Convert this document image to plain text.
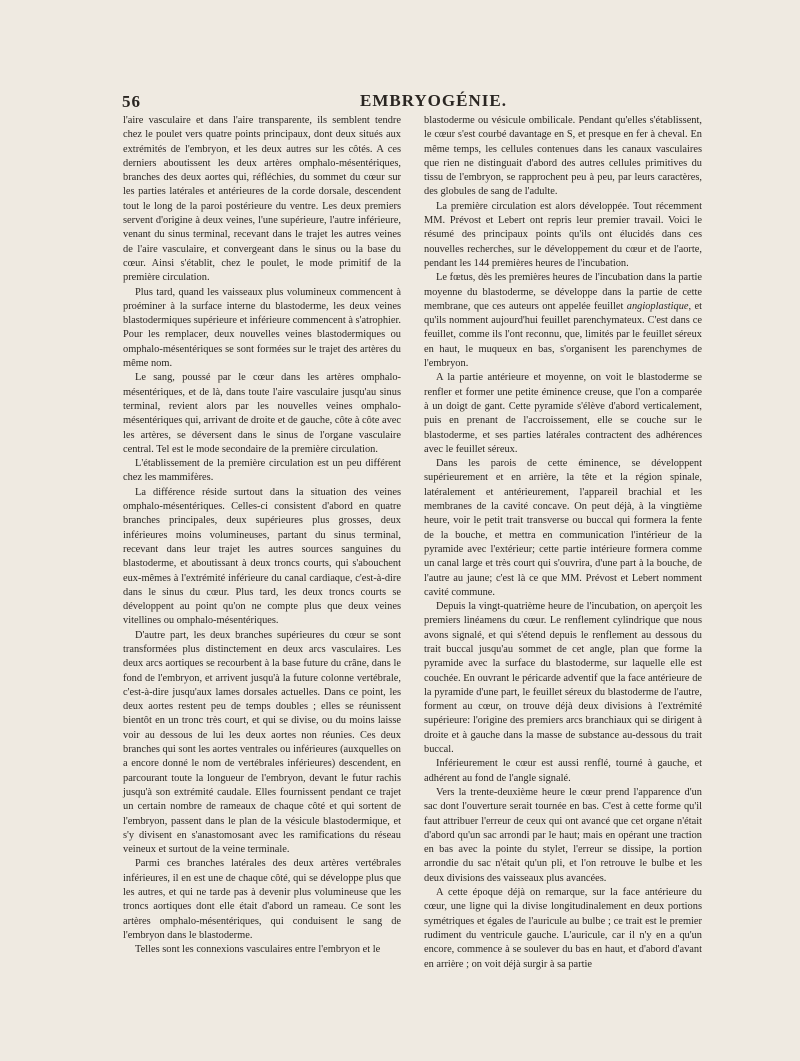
56	EMBRYOGÉNIE.

l'aire vasculaire et dans l'aire transparente, ils semblent tendre chez le poulet vers quatre points principaux, dont deux situés aux extrémités de l'embryon, et les deux autres sur les côtés. A ces derniers aboutissent les deux artères omphalo-mésentériques, branches des deux aortes qui, réfléchies, du sommet du cœur sur les parties latérales et antérieures de la corde dorsale, descendent tout le long de la paroi postérieure du ventre. Les deux premiers servent d'origine à deux veines, l'une supérieure, l'autre inférieure, venant du sinus terminal, recevant dans le trajet les autres veines de l'aire vasculaire, et convergeant dans le sinus ou la base du cœur. Ainsi s'établit, chez le poulet, le mode primitif de la première circulation.

Plus tard, quand les vaisseaux plus volumineux commencent à proéminer à la surface interne du blastoderme, les deux veines blastodermiques supérieure et inférieure commencent à s'atrophier. Pour les remplacer, deux nouvelles veines blastodermiques ou omphalo-mésentériques se sont formées sur le trajet des artères du même nom.

Le sang, poussé par le cœur dans les artères omphalo-mésentériques, et de là, dans toute l'aire vasculaire jusqu'au sinus terminal, revient alors par les nouvelles veines omphalo-mésentériques qui, arrivant de droite et de gauche, côte à côte avec les artères, se déversent dans le sinus de l'organe vasculaire central. Tel est le mode secondaire de la première circulation.

L'établissement de la première circulation est un peu différent chez les mammifères.

La différence réside surtout dans la situation des veines omphalo-mésentériques. Celles-ci consistent d'abord en quatre branches principales, deux supérieures plus grosses, deux inférieures moins volumineuses, partant du sinus terminal, recevant dans leur trajet les autres sources sanguines du blastoderme, et aboutissant à deux troncs courts, qui s'abouchent eux-mêmes à l'extrémité inférieure du canal cardiaque, c'est-à-dire dans le sinus du cœur. Plus tard, les deux troncs courts se développent au point qu'on ne compte plus que deux veines vitellines ou omphalo-mésentériques.

D'autre part, les deux branches supérieures du cœur se sont transformées plus distinctement en deux arcs vasculaires. Les deux arcs aortiques se recourbent à la base future du crâne, dans le fond de l'embryon, et arrivent jusqu'à la future colonne vertébrale, c'est-à-dire jusqu'aux lames dorsales actuelles. Dans ce point, les deux aortes restent peu de temps doubles ; elles se réunissent bientôt en un tronc très court, et qui se divise, ou du moins laisse voir au dessous de lui les deux aortes non réunies. Ces deux branches qui sont les aortes ventrales ou inférieures (auxquelles on a encore donné le nom de vertébrales inférieures) descendent, en parcourant toute la longueur de l'embryon, devant le futur rachis jusqu'à son extrémité caudale. Elles fournissent pendant ce trajet un certain nombre de rameaux de chaque côté et qui sortent de l'embryon, passent dans le plan de la vésicule blastodermique, et s'y divisent en s'anastomosant avec les ramifications du réseau veineux et surtout de la veine terminale.

Parmi ces branches latérales des deux artères vertébrales inférieures, il en est une de chaque côté, qui se développe plus que les autres, et qui ne tarde pas à devenir plus volumineuse que les troncs aortiques dont elle était d'abord un rameau. Ce sont les artères omphalo-mésentériques, qui conduisent le sang de l'embryon dans le blastoderme.

Telles sont les connexions vasculaires entre l'embryon et le

blastoderme ou vésicule ombilicale. Pendant qu'elles s'établissent, le cœur s'est courbé davantage en S, et presque en fer à cheval. En même temps, les cellules contenues dans les canaux vasculaires que rien ne distinguait d'abord des autres cellules primitives du tissu de l'embryon, se rapprochent peu à peu, par leurs caractères, des globules de sang de l'adulte.

La première circulation est alors développée. Tout récemment MM. Prévost et Lebert ont repris leur premier travail. Voici le résumé des principaux points qu'ils ont élucidés dans ces nouvelles recherches, sur le développement du cœur et de l'aorte, pendant les 144 premières heures de l'incubation.

Le fœtus, dès les premières heures de l'incubation dans la partie moyenne du blastoderme, se développe dans la partie de cette membrane, que ces auteurs ont appelée feuillet angioplastique, et qu'ils nomment aujourd'hui feuillet parenchymateux. C'est dans ce feuillet, comme ils l'ont reconnu, que, limités par le feuillet séreux en haut, le muqueux en bas, s'organisent les parenchymes de l'embryon.

A la partie antérieure et moyenne, on voit le blastoderme se renfler et former une petite éminence creuse, que l'on a comparée à un doigt de gant. Cette pyramide s'élève d'abord verticalement, puis en prenant de l'accroissement, elle se couche sur le blastoderme, et ses parties latérales contractent des adhérences avec le feuillet séreux.

Dans les parois de cette éminence, se développent supérieurement et en arrière, la tête et la région spinale, latéralement et antérieurement, l'appareil brachial et les membranes de la cavité concave. On peut déjà, à la vingtième heure, voir le petit trait transverse ou buccal qui formera la fente de la bouche, et mettra en communication l'intérieur de la pyramide avec l'extérieur; cette partie intérieure formera comme un canal large et très court qui s'ouvrira, d'une part à la bouche, de l'autre au jaune; c'est là ce que MM. Prévost et Lebert nomment cavité commune.

Depuis la vingt-quatrième heure de l'incubation, on aperçoit les premiers linéamens du cœur. Le renflement cylindrique que nous avons signalé, et qui s'étend depuis le renflement au dessous du trait buccal jusqu'au sommet de cet angle, plan que forme la pyramide avec la surface du blastoderme, sur laquelle elle est couchée. En ouvrant le péricarde adventif que la face antérieure de la pyramide d'une part, le feuillet séreux du blastoderme de l'autre, forment au cœur, on trouve déjà deux divisions à l'extrémité supérieure: l'origine des premiers arcs branchiaux qui se dirigent à droite et à gauche dans la masse de substance au-dessous du trait buccal.

Inférieurement le cœur est aussi renflé, tourné à gauche, et adhérent au fond de l'angle signalé.

Vers la trente-deuxième heure le cœur prend l'apparence d'un sac dont l'ouverture serait tournée en bas. C'est à cette forme qu'il faut attribuer l'erreur de ceux qui ont avancé que cet organe n'était d'abord qu'un sac arrondi par le haut; mais en opérant une traction en bas avec la pointe du stylet, l'erreur se dissipe, la portion arrondie du sac n'était qu'un pli, et l'on retrouve le bulbe et les deux divisions des vaisseaux plus avancées.

A cette époque déjà on remarque, sur la face antérieure du cœur, une ligne qui la divise longitudinalement en deux portions symétriques et égales de l'auricule au bulbe ; ce trait est le premier rudiment du ventricule gauche. L'auricule, car il n'y en a qu'un encore, commence à se soulever du bas en haut, et d'abord d'avant en arrière ; on voit déjà surgir à sa partie
